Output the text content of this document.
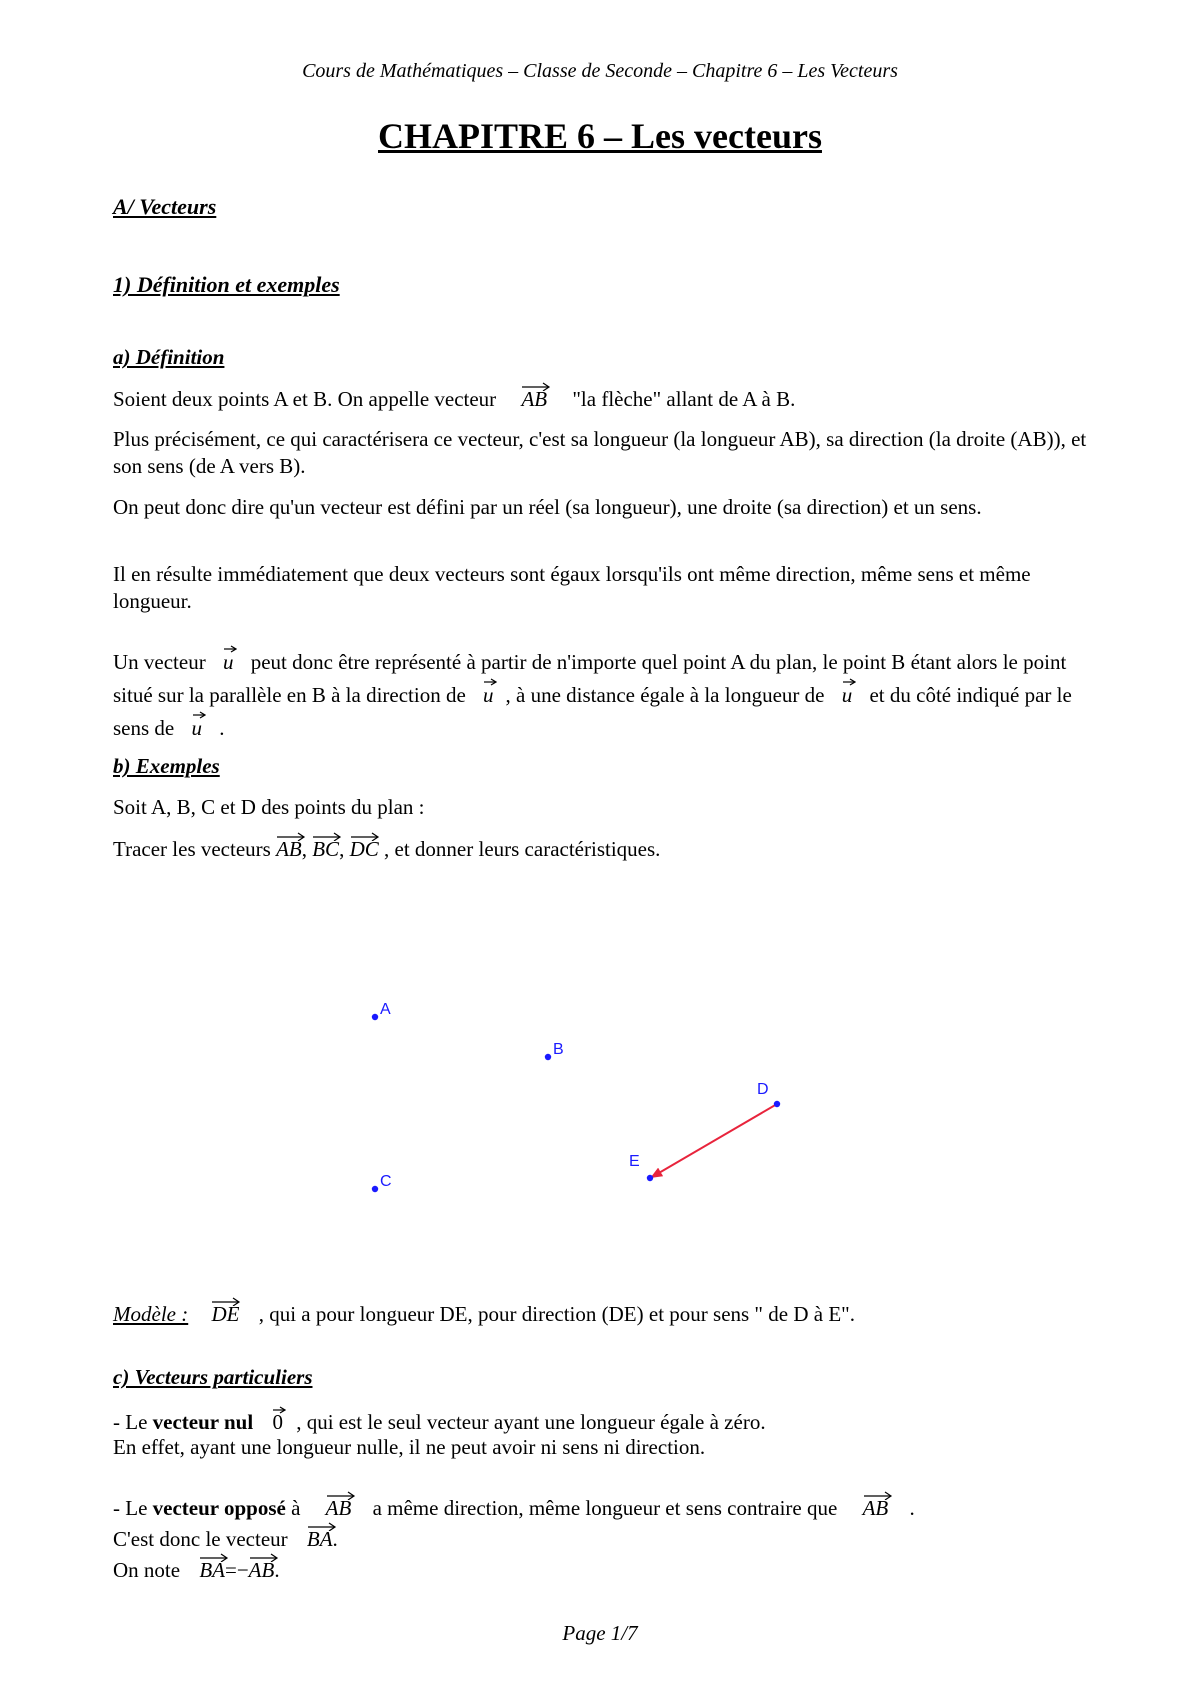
Cours de Mathématiques – Classe de Seconde – Chapitre 6 – Les Vecteurs
CHAPITRE 6 – Les vecteurs
A/ Vecteurs
1) Définition et exemples
a) Définition
Soient deux points A et B. On appelle vecteur AB "la flèche" allant de A à B.
Plus précisément, ce qui caractérisera ce vecteur, c'est sa longueur (la longueur AB), sa direction (la droite (AB)), et son sens (de A vers B).
On peut donc dire qu'un vecteur est défini par un réel (sa longueur), une droite (sa direction) et un sens.
Il en résulte immédiatement que deux vecteurs sont égaux lorsqu'ils ont même direction, même sens et même longueur.
Un vecteur u peut donc être représenté à partir de n'importe quel point A du plan, le point B étant alors le point situé sur la parallèle en B à la direction de u , à une distance égale à la longueur de u et du côté indiqué par le sens de u .
b) Exemples
Soit A, B, C et D des points du plan :
Tracer les vecteurs AB, BC, DC , et donner leurs caractéristiques.
A
B
C
D
E
Modèle : DE , qui a pour longueur DE, pour direction (DE) et pour sens " de D à E".
c) Vecteurs particuliers
- Le vecteur nul 0 , qui est le seul vecteur ayant une longueur égale à zéro.
En effet, ayant une longueur nulle, il ne peut avoir ni sens ni direction.
- Le vecteur opposé à AB a même direction, même longueur et sens contraire que AB .
C'est donc le vecteur BA.
On note BA=−
AB.
Page 1/7
